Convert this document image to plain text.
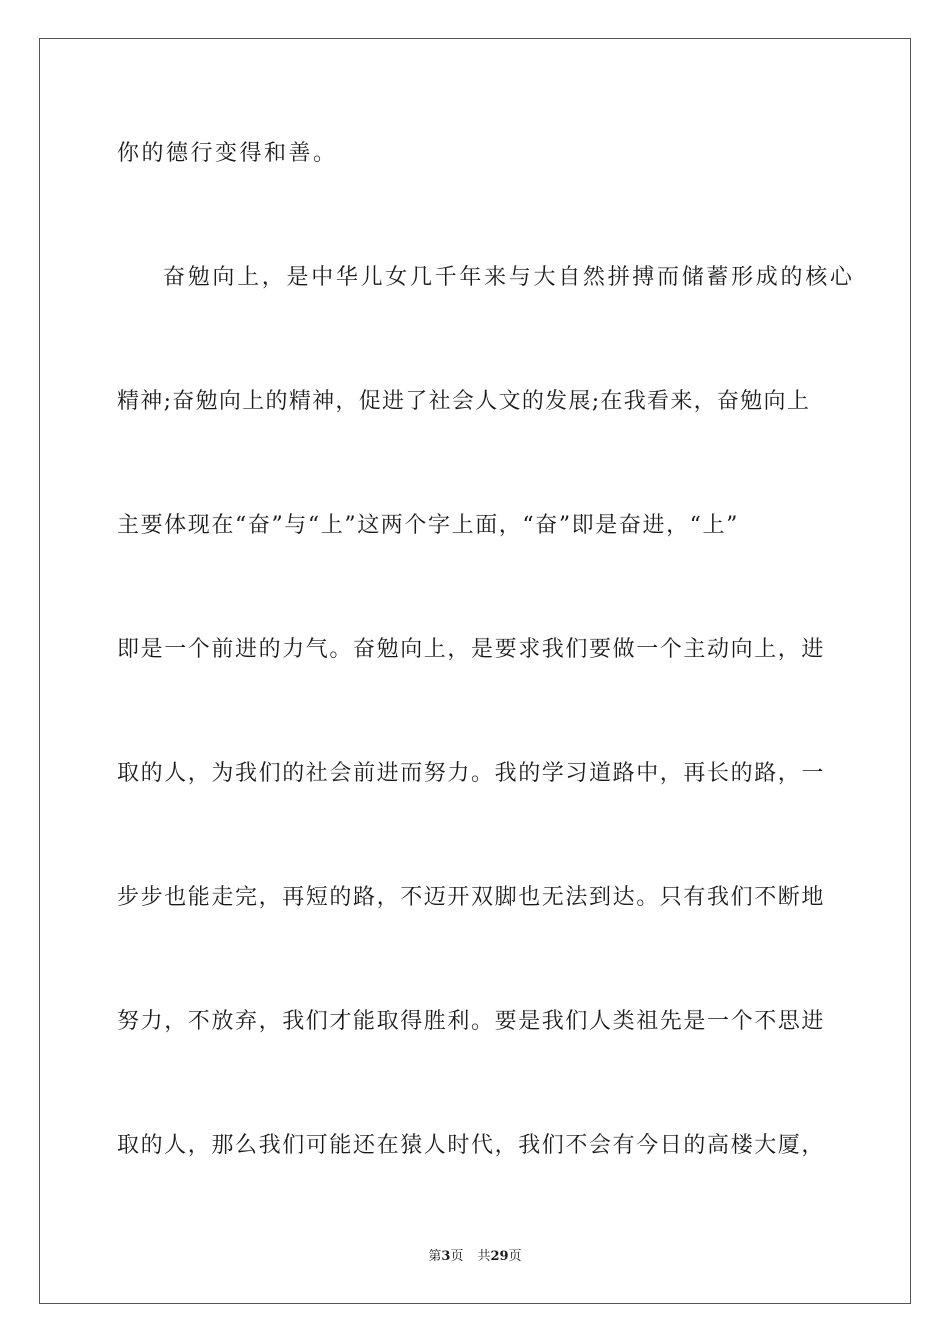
你的德行变得和善。
奋勉向上，是中华儿女几千年来与大自然拼搏而储蓄形成的核心
精神;奋勉向上的精神，促进了社会人文的发展;在我看来，奋勉向上
主要体现在“奋”与“上”这两个字上面，“奋”即是奋进，“上”
即是一个前进的力气。奋勉向上，是要求我们要做一个主动向上，进
取的人，为我们的社会前进而努力。我的学习道路中，再长的路，一
步步也能走完，再短的路，不迈开双脚也无法到达。只有我们不断地
努力，不放弃，我们才能取得胜利。要是我们人类祖先是一个不思进
取的人，那么我们可能还在猿人时代，我们不会有今日的高楼大厦，
第3页 共29页
